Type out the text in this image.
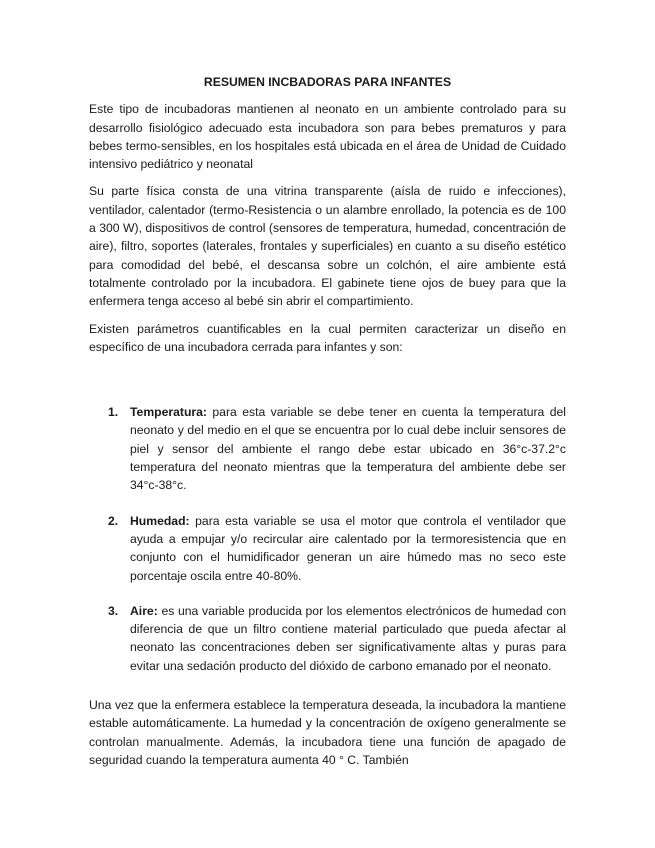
RESUMEN INCBADORAS PARA INFANTES

Este tipo de incubadoras mantienen al neonato en un ambiente controlado para su desarrollo fisiológico adecuado esta incubadora son para bebes prematuros y para bebes termo-sensibles, en los hospitales está ubicada en el área de Unidad de Cuidado intensivo pediátrico y neonatal

Su parte física consta de una vitrina transparente (aísla de ruido e infecciones), ventilador, calentador (termo-Resistencia o un alambre enrollado, la potencia es de 100 a 300 W), dispositivos de control (sensores de temperatura, humedad, concentración de aire), filtro, soportes (laterales, frontales y superficiales) en cuanto a su diseño estético para comodidad del bebé, el descansa sobre un colchón, el aire ambiente está totalmente controlado por la incubadora. El gabinete tiene ojos de buey para que la enfermera tenga acceso al bebé sin abrir el compartimiento.

Existen parámetros cuantificables en la cual permiten caracterizar un diseño en específico de una incubadora cerrada para infantes y son:

1. Temperatura: para esta variable se debe tener en cuenta la temperatura del neonato y del medio en el que se encuentra por lo cual debe incluir sensores de piel y sensor del ambiente el rango debe estar ubicado en 36°c-37.2°c temperatura del neonato mientras que la temperatura del ambiente debe ser 34°c-38°c.
2. Humedad: para esta variable se usa el motor que controla el ventilador que ayuda a empujar y/o recircular aire calentado por la termoresistencia que en conjunto con el humidificador generan un aire húmedo mas no seco este porcentaje oscila entre 40-80%.
3. Aire: es una variable producida por los elementos electrónicos de humedad con diferencia de que un filtro contiene material particulado que pueda afectar al neonato las concentraciones deben ser significativamente altas y puras para evitar una sedación producto del dióxido de carbono emanado por el neonato.

Una vez que la enfermera establece la temperatura deseada, la incubadora la mantiene estable automáticamente. La humedad y la concentración de oxígeno generalmente se controlan manualmente. Además, la incubadora tiene una función de apagado de seguridad cuando la temperatura aumenta 40 ° C. También
